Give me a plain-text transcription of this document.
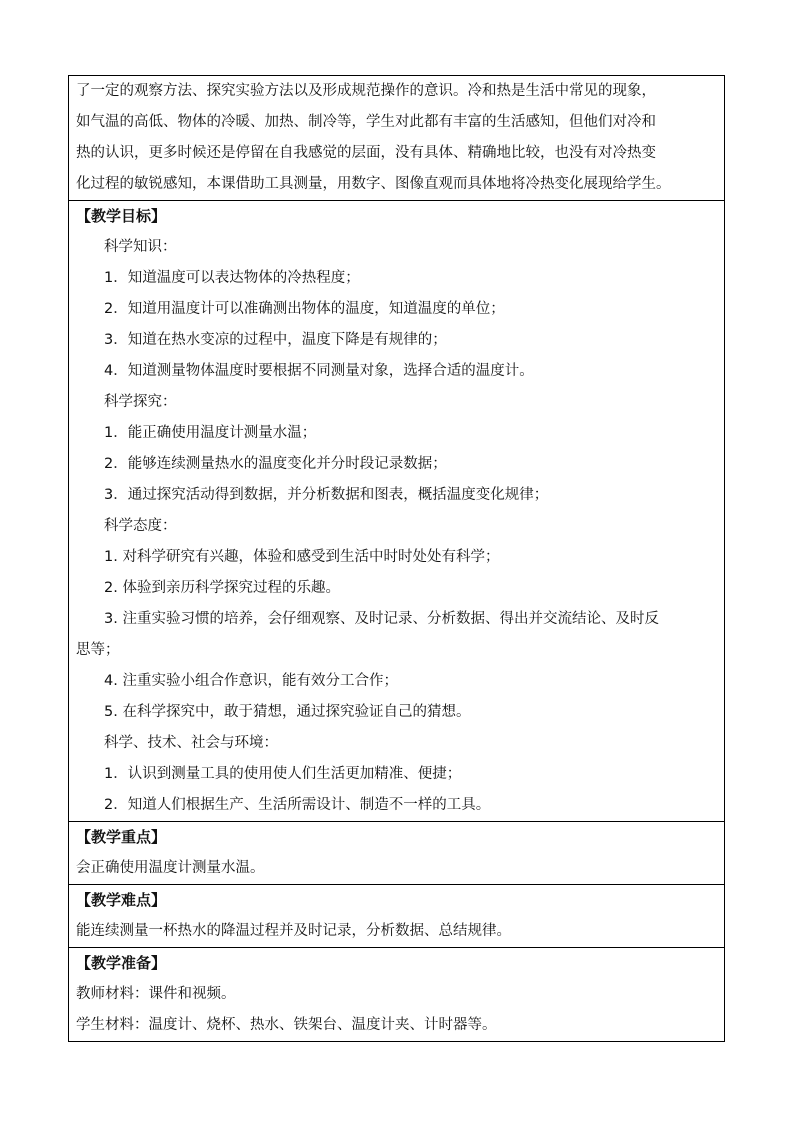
了一定的观察方法、探究实验方法以及形成规范操作的意识。冷和热是生活中常见的现象，
如气温的高低、物体的冷暖、加热、制冷等，学生对此都有丰富的生活感知，但他们对冷和
热的认识，更多时候还是停留在自我感觉的层面，没有具体、精确地比较，也没有对冷热变
化过程的敏锐感知，本课借助工具测量，用数字、图像直观而具体地将冷热变化展现给学生。
【教学目标】
科学知识：
1．知道温度可以表达物体的冷热程度；
2．知道用温度计可以准确测出物体的温度，知道温度的单位；
3．知道在热水变凉的过程中，温度下降是有规律的；
4．知道测量物体温度时要根据不同测量对象，选择合适的温度计。
科学探究：
1．能正确使用温度计测量水温；
2．能够连续测量热水的温度变化并分时段记录数据；
3．通过探究活动得到数据，并分析数据和图表，概括温度变化规律；
科学态度：
1. 对科学研究有兴趣，体验和感受到生活中时时处处有科学；
2. 体验到亲历科学探究过程的乐趣。
3. 注重实验习惯的培养，会仔细观察、及时记录、分析数据、得出并交流结论、及时反
思等；
4. 注重实验小组合作意识，能有效分工合作；
5. 在科学探究中，敢于猜想，通过探究验证自己的猜想。
科学、技术、社会与环境：
1．认识到测量工具的使用使人们生活更加精准、便捷；
2．知道人们根据生产、生活所需设计、制造不一样的工具。
【教学重点】
会正确使用温度计测量水温。
【教学难点】
能连续测量一杯热水的降温过程并及时记录，分析数据、总结规律。
【教学准备】
教师材料：课件和视频。
学生材料：温度计、烧杯、热水、铁架台、温度计夹、计时器等。
